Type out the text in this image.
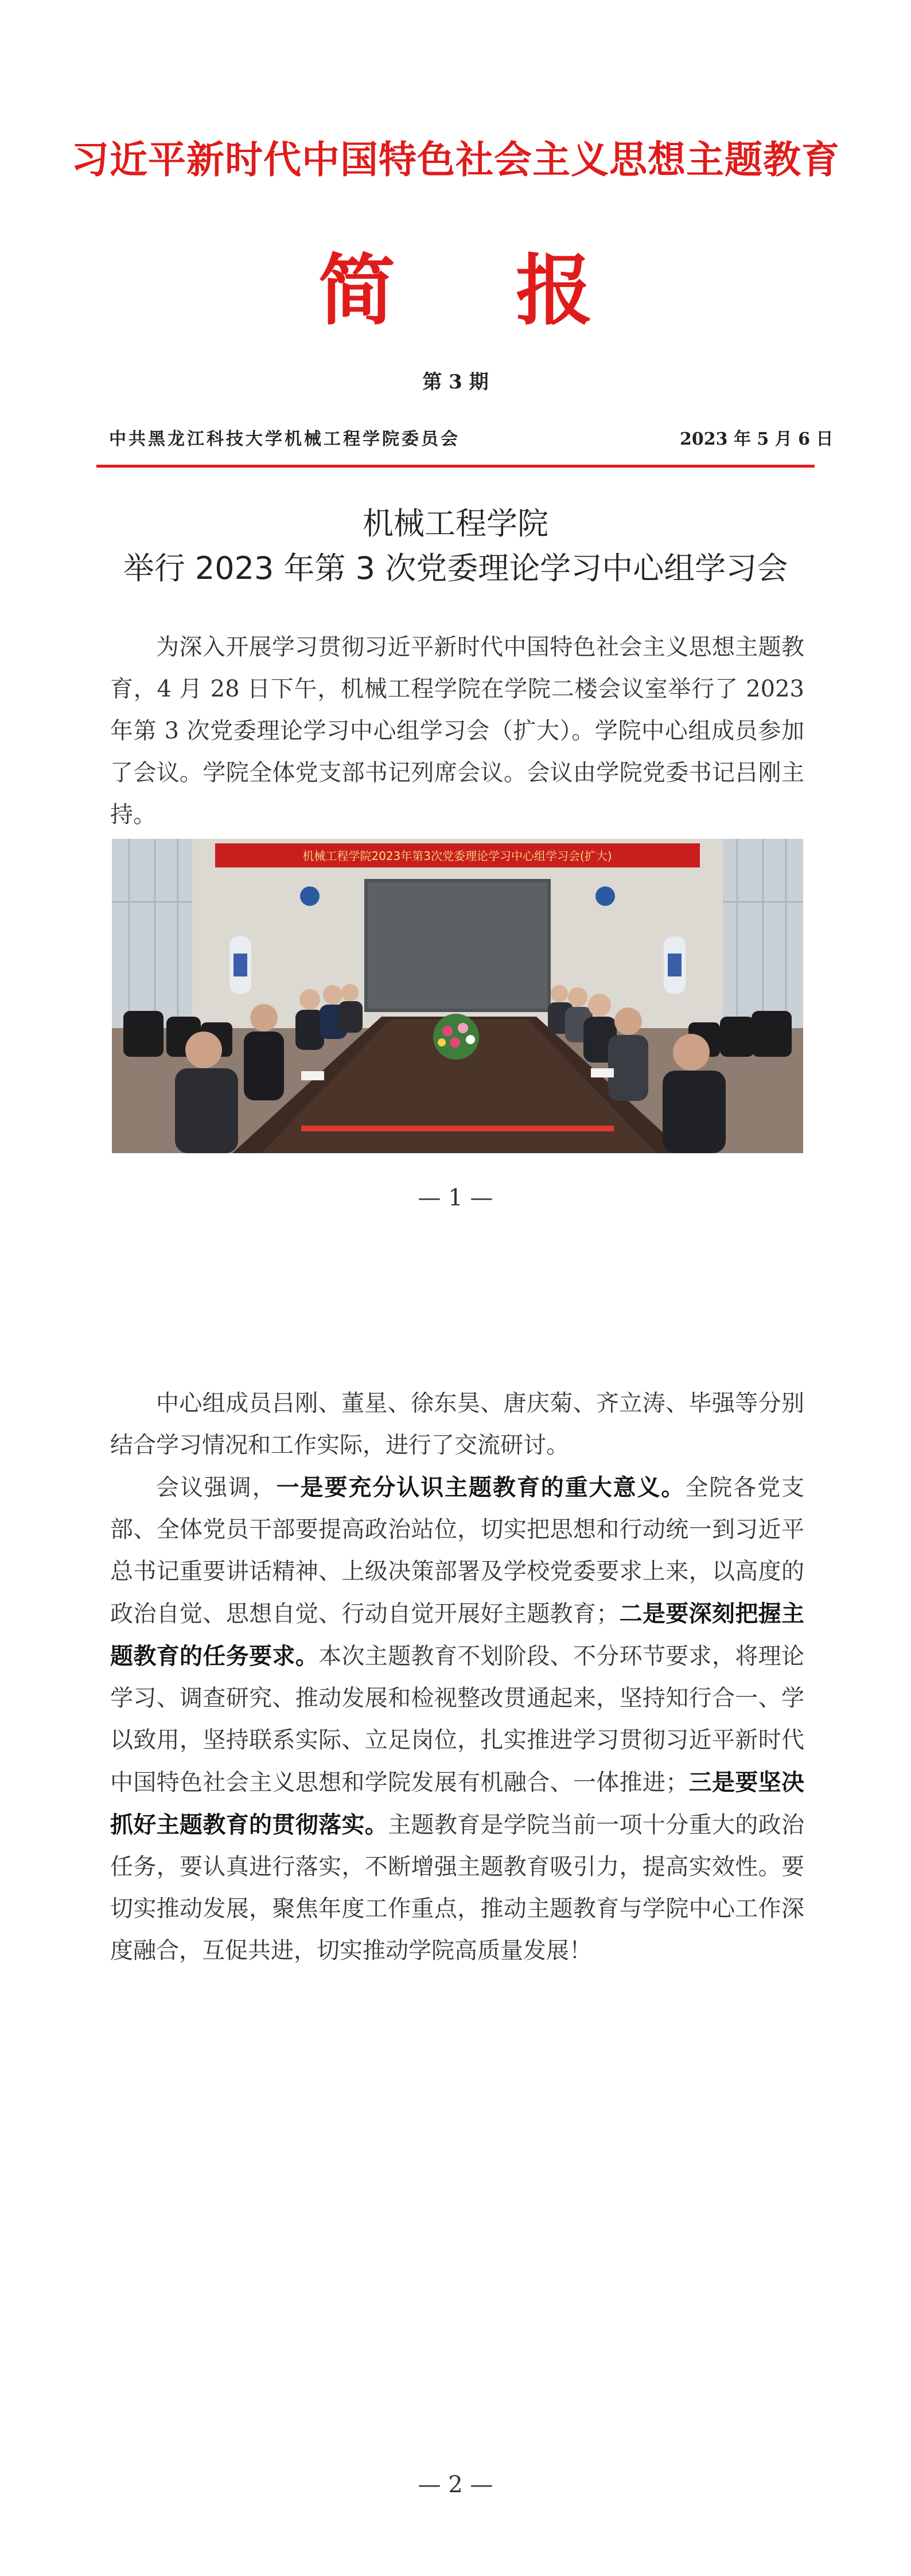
习近平新时代中国特色社会主义思想主题教育
简 报
第 3 期
中共黑龙江科技大学机械工程学院委员会	2023 年 5 月 6 日
机械工程学院
举行 2023 年第 3 次党委理论学习中心组学习会

为深入开展学习贯彻习近平新时代中国特色社会主义思想主题教育，4 月 28 日下午，机械工程学院在学院二楼会议室举行了 2023 年第 3 次党委理论学习中心组学习会（扩大）。学院中心组成员参加了会议。学院全体党支部书记列席会议。会议由学院党委书记吕刚主持。

机械工程学院2023年第3次党委理论学习中心组学习会(扩大)
— 1 —

中心组成员吕刚、董星、徐东昊、唐庆菊、齐立涛、毕强等分别结合学习情况和工作实际，进行了交流研讨。

会议强调，一是要充分认识主题教育的重大意义。全院各党支部、全体党员干部要提高政治站位，切实把思想和行动统一到习近平总书记重要讲话精神、上级决策部署及学校党委要求上来，以高度的政治自觉、思想自觉、行动自觉开展好主题教育；二是要深刻把握主题教育的任务要求。本次主题教育不划阶段、不分环节要求，将理论学习、调查研究、推动发展和检视整改贯通起来，坚持知行合一、学以致用，坚持联系实际、立足岗位，扎实推进学习贯彻习近平新时代中国特色社会主义思想和学院发展有机融合、一体推进；三是要坚决抓好主题教育的贯彻落实。主题教育是学院当前一项十分重大的政治任务，要认真进行落实，不断增强主题教育吸引力，提高实效性。要切实推动发展，聚焦年度工作重点，推动主题教育与学院中心工作深度融合，互促共进，切实推动学院高质量发展！

— 2 —
